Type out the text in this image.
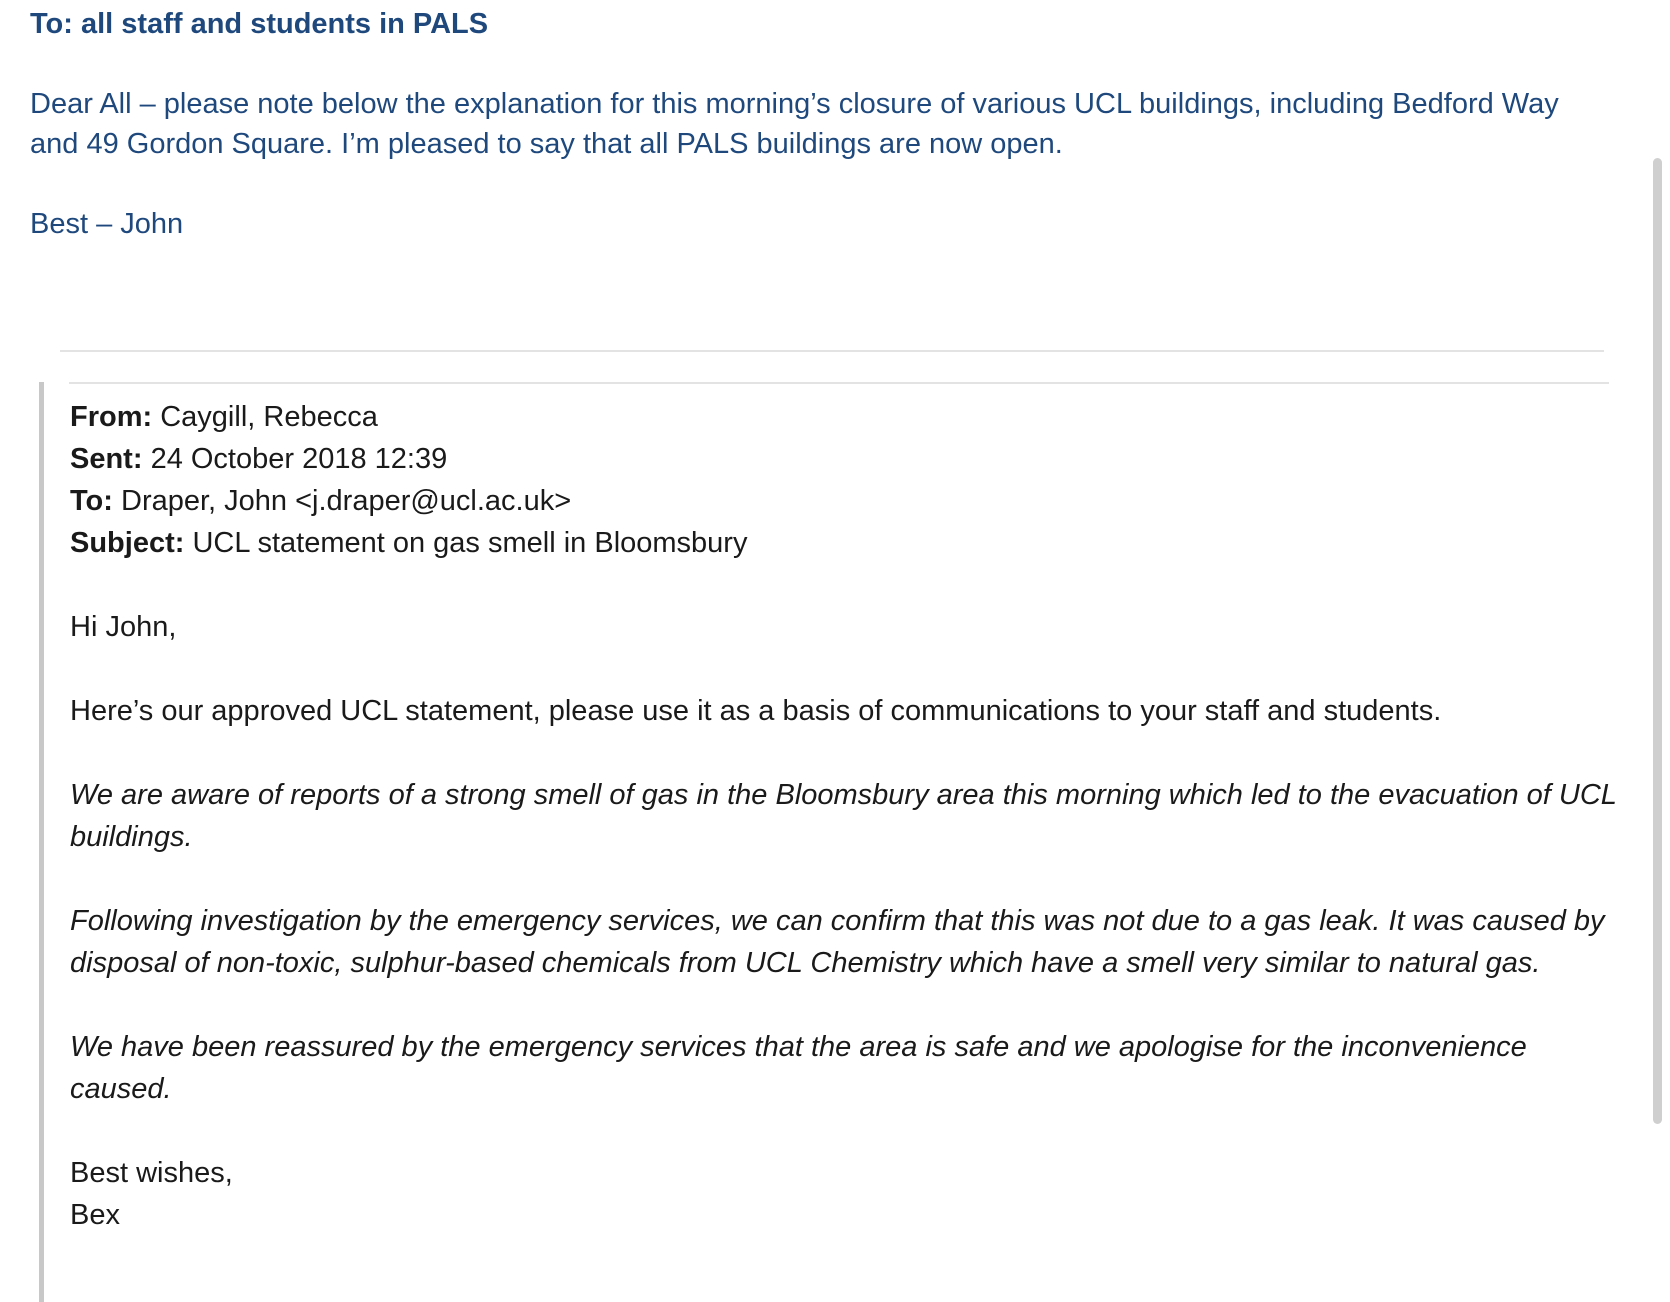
To: all staff and students in PALS
Dear All – please note below the explanation for this morning’s closure of various UCL buildings, including Bedford Way and 49 Gordon Square. I’m pleased to say that all PALS buildings are now open.
Best – John
From: Caygill, Rebecca
Sent: 24 October 2018 12:39
To: Draper, John <j.draper@ucl.ac.uk>
Subject: UCL statement on gas smell in Bloomsbury
Hi John,
Here’s our approved UCL statement, please use it as a basis of communications to your staff and students.
We are aware of reports of a strong smell of gas in the Bloomsbury area this morning which led to the evacuation of UCL buildings.
Following investigation by the emergency services, we can confirm that this was not due to a gas leak. It was caused by disposal of non-toxic, sulphur-based chemicals from UCL Chemistry which have a smell very similar to natural gas.
We have been reassured by the emergency services that the area is safe and we apologise for the inconvenience caused.
Best wishes,
Bex
